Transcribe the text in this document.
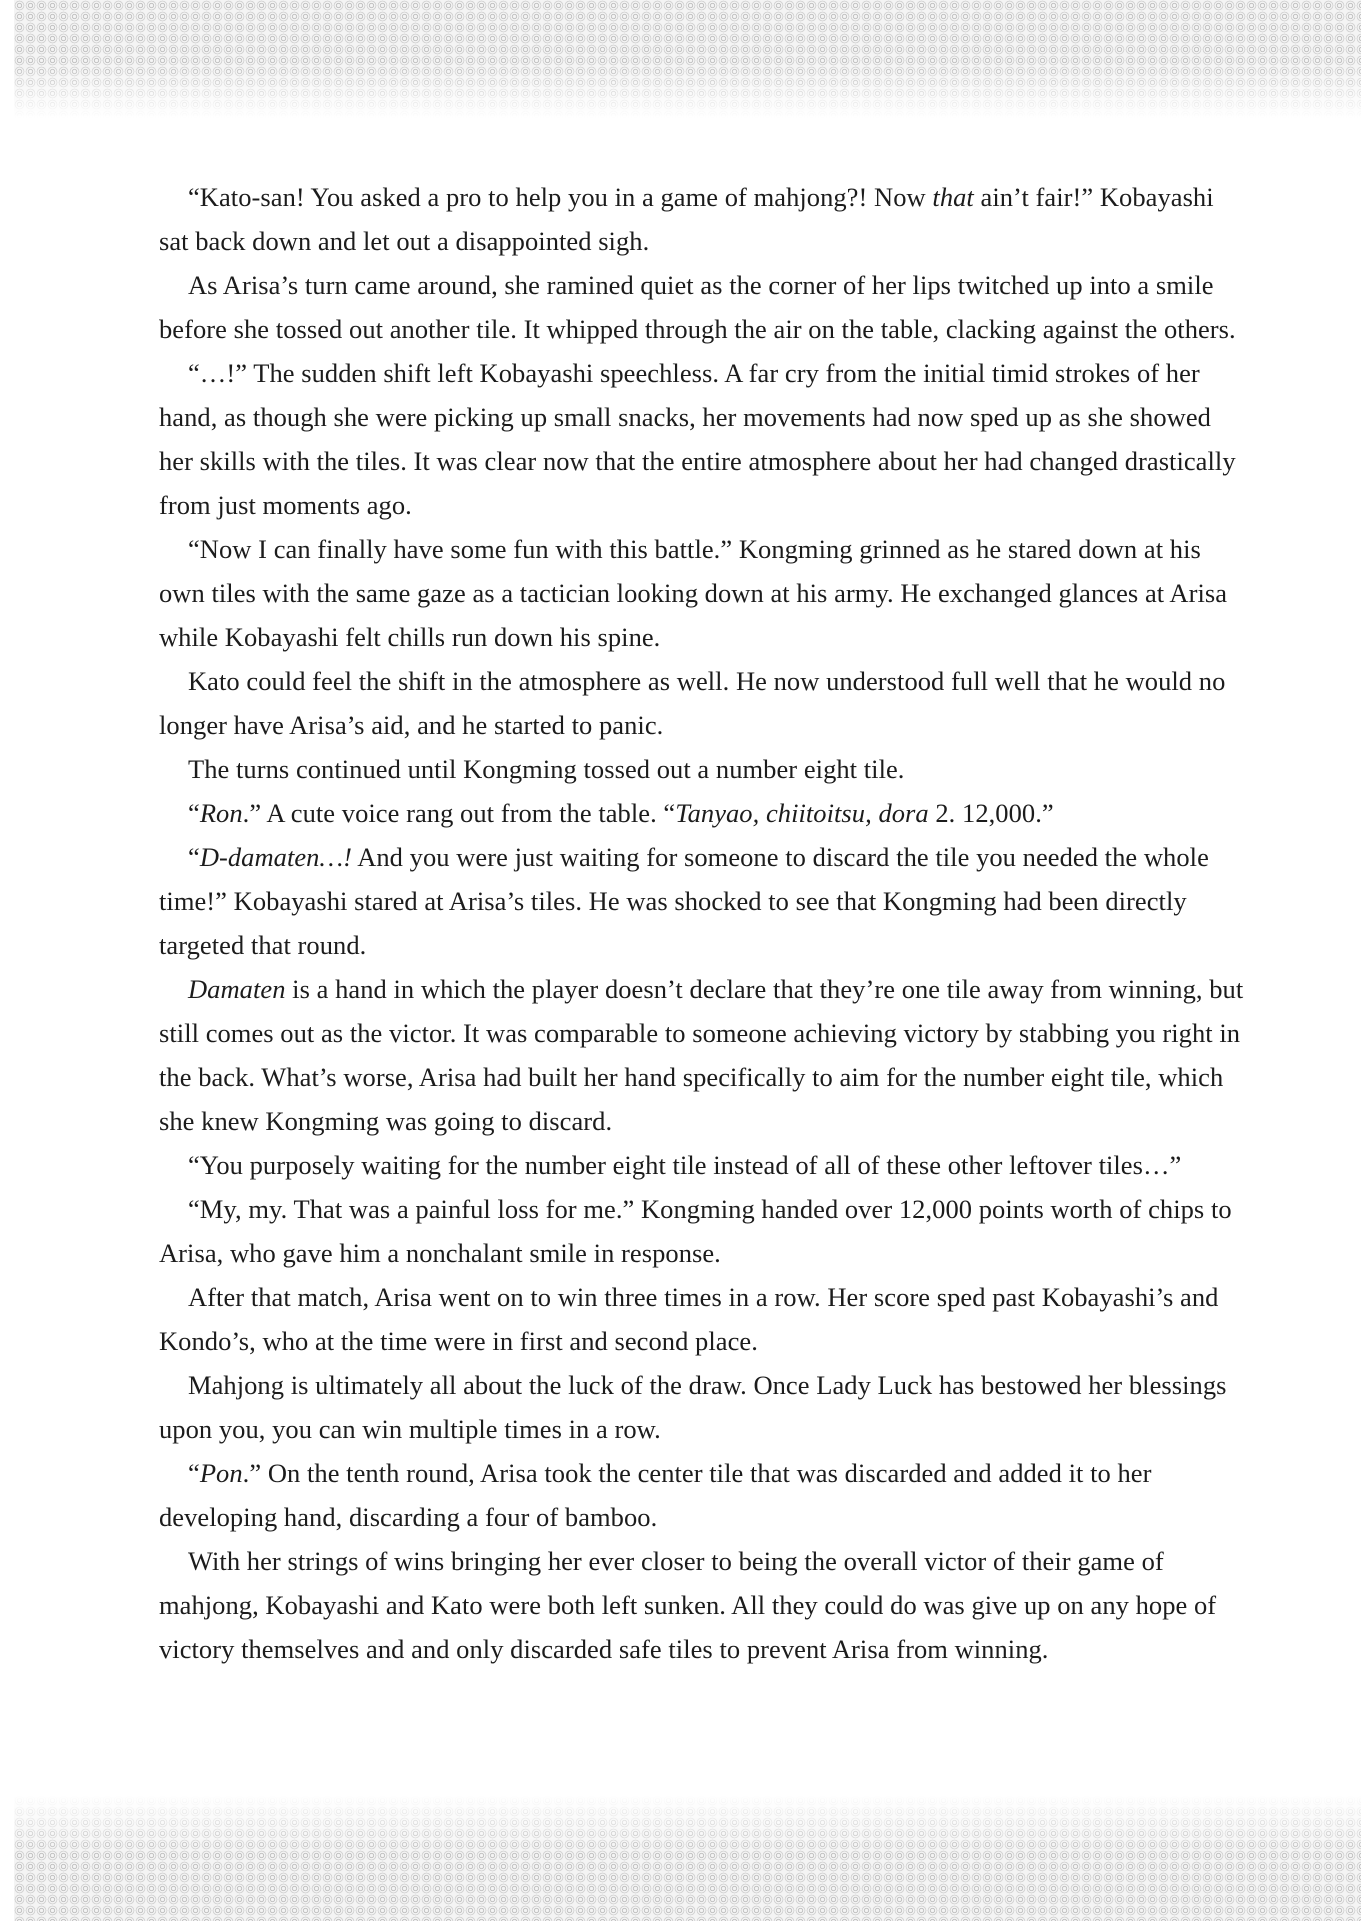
“Kato-san! You asked a pro to help you in a game of mahjong?! Now that ain’t fair!” Kobayashi sat back down and let out a disappointed sigh.

As Arisa’s turn came around, she ramined quiet as the corner of her lips twitched up into a smile before she tossed out another tile. It whipped through the air on the table, clacking against the others.

“…!” The sudden shift left Kobayashi speechless. A far cry from the initial timid strokes of her hand, as though she were picking up small snacks, her movements had now sped up as she showed her skills with the tiles. It was clear now that the entire atmosphere about her had changed drastically from just moments ago.

“Now I can finally have some fun with this battle.” Kongming grinned as he stared down at his own tiles with the same gaze as a tactician looking down at his army. He exchanged glances at Arisa while Kobayashi felt chills run down his spine.

Kato could feel the shift in the atmosphere as well. He now understood full well that he would no longer have Arisa’s aid, and he started to panic.

The turns continued until Kongming tossed out a number eight tile.

“Ron.” A cute voice rang out from the table. “Tanyao, chiitoitsu, dora 2. 12,000.”

“D-damaten…! And you were just waiting for someone to discard the tile you needed the whole time!” Kobayashi stared at Arisa’s tiles. He was shocked to see that Kongming had been directly targeted that round.

Damaten is a hand in which the player doesn’t declare that they’re one tile away from winning, but still comes out as the victor. It was comparable to someone achieving victory by stabbing you right in the back. What’s worse, Arisa had built her hand specifically to aim for the number eight tile, which she knew Kongming was going to discard.

“You purposely waiting for the number eight tile instead of all of these other leftover tiles…”

“My, my. That was a painful loss for me.” Kongming handed over 12,000 points worth of chips to Arisa, who gave him a nonchalant smile in response.

After that match, Arisa went on to win three times in a row. Her score sped past Kobayashi’s and Kondo’s, who at the time were in first and second place.

Mahjong is ultimately all about the luck of the draw. Once Lady Luck has bestowed her blessings upon you, you can win multiple times in a row.

“Pon.” On the tenth round, Arisa took the center tile that was discarded and added it to her developing hand, discarding a four of bamboo.

With her strings of wins bringing her ever closer to being the overall victor of their game of mahjong, Kobayashi and Kato were both left sunken. All they could do was give up on any hope of victory themselves and and only discarded safe tiles to prevent Arisa from winning.
